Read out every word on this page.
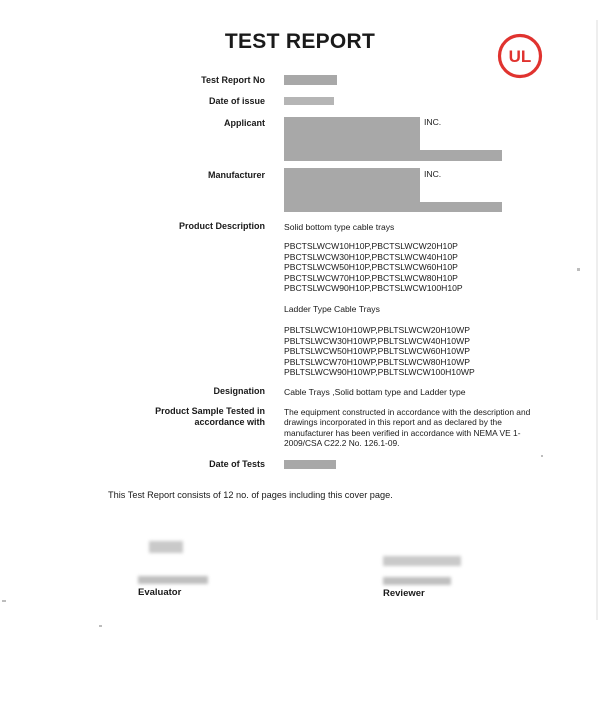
TEST REPORT
UL
Test Report No
Date of issue
Applicant	INC.
Manufacturer	INC.
Product Description Solid bottom type cable trays
PBCTSLWCW10H10P,PBCTSLWCW20H10P
PBCTSLWCW30H10P,PBCTSLWCW40H10P
PBCTSLWCW50H10P,PBCTSLWCW60H10P
PBCTSLWCW70H10P,PBCTSLWCW80H10P
PBCTSLWCW90H10P,PBCTSLWCW100H10P
Ladder Type Cable Trays
PBLTSLWCW10H10WP,PBLTSLWCW20H10WP
PBLTSLWCW30H10WP,PBLTSLWCW40H10WP
PBLTSLWCW50H10WP,PBLTSLWCW60H10WP
PBLTSLWCW70H10WP,PBLTSLWCW80H10WP
PBLTSLWCW90H10WP,PBLTSLWCW100H10WP
Designation Cable Trays ,Solid bottam type and Ladder type
Product Sample Tested in
accordance with
The equipment constructed in accordance with the description and drawings incorporated in this report and as declared by the manufacturer has been verified in accordance with NEMA VE 1-2009/CSA C22.2 No. 126.1-09.
Date of Tests
This Test Report consists of 12 no. of pages including this cover page.
Evaluator	Reviewer
